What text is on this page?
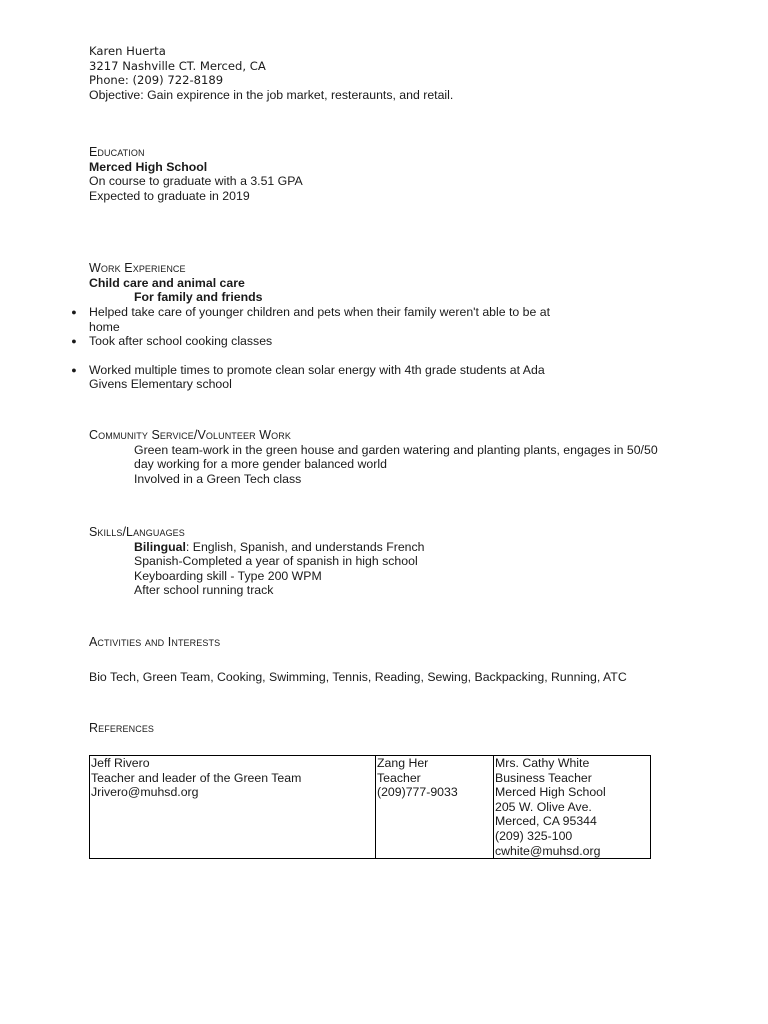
Karen Huerta
3217 Nashville CT. Merced, CA
Phone: (209) 722-8189
Objective: Gain expirence in the job market, resteraunts, and retail.
Education
Merced High School
On course to graduate with a 3.51 GPA
Expected to graduate in 2019
Work Experience
Child care and animal care
For family and friends
● Helped take care of younger children and pets when their family weren't able to be at
home
● Took after school cooking classes
● Worked multiple times to promote clean solar energy with 4th grade students at Ada
Givens Elementary school
Community Service/Volunteer Work
Green team-work in the green house and garden watering and planting plants, engages in 50/50
day working for a more gender balanced world
Involved in a Green Tech class
Skills/Languages
Bilingual: English, Spanish, and understands French
Spanish-Completed a year of spanish in high school
Keyboarding skill - Type 200 WPM
After school running track
Activities and Interests
Bio Tech, Green Team, Cooking, Swimming, Tennis, Reading, Sewing, Backpacking, Running, ATC
References
Jeff Rivero
Teacher and leader of the Green Team
Jrivero@muhsd.org

Zang Her
Teacher
(209)777-9033

Mrs. Cathy White
Business Teacher
Merced High School
205 W. Olive Ave.
Merced, CA 95344
(209) 325-100
cwhite@muhsd.org
